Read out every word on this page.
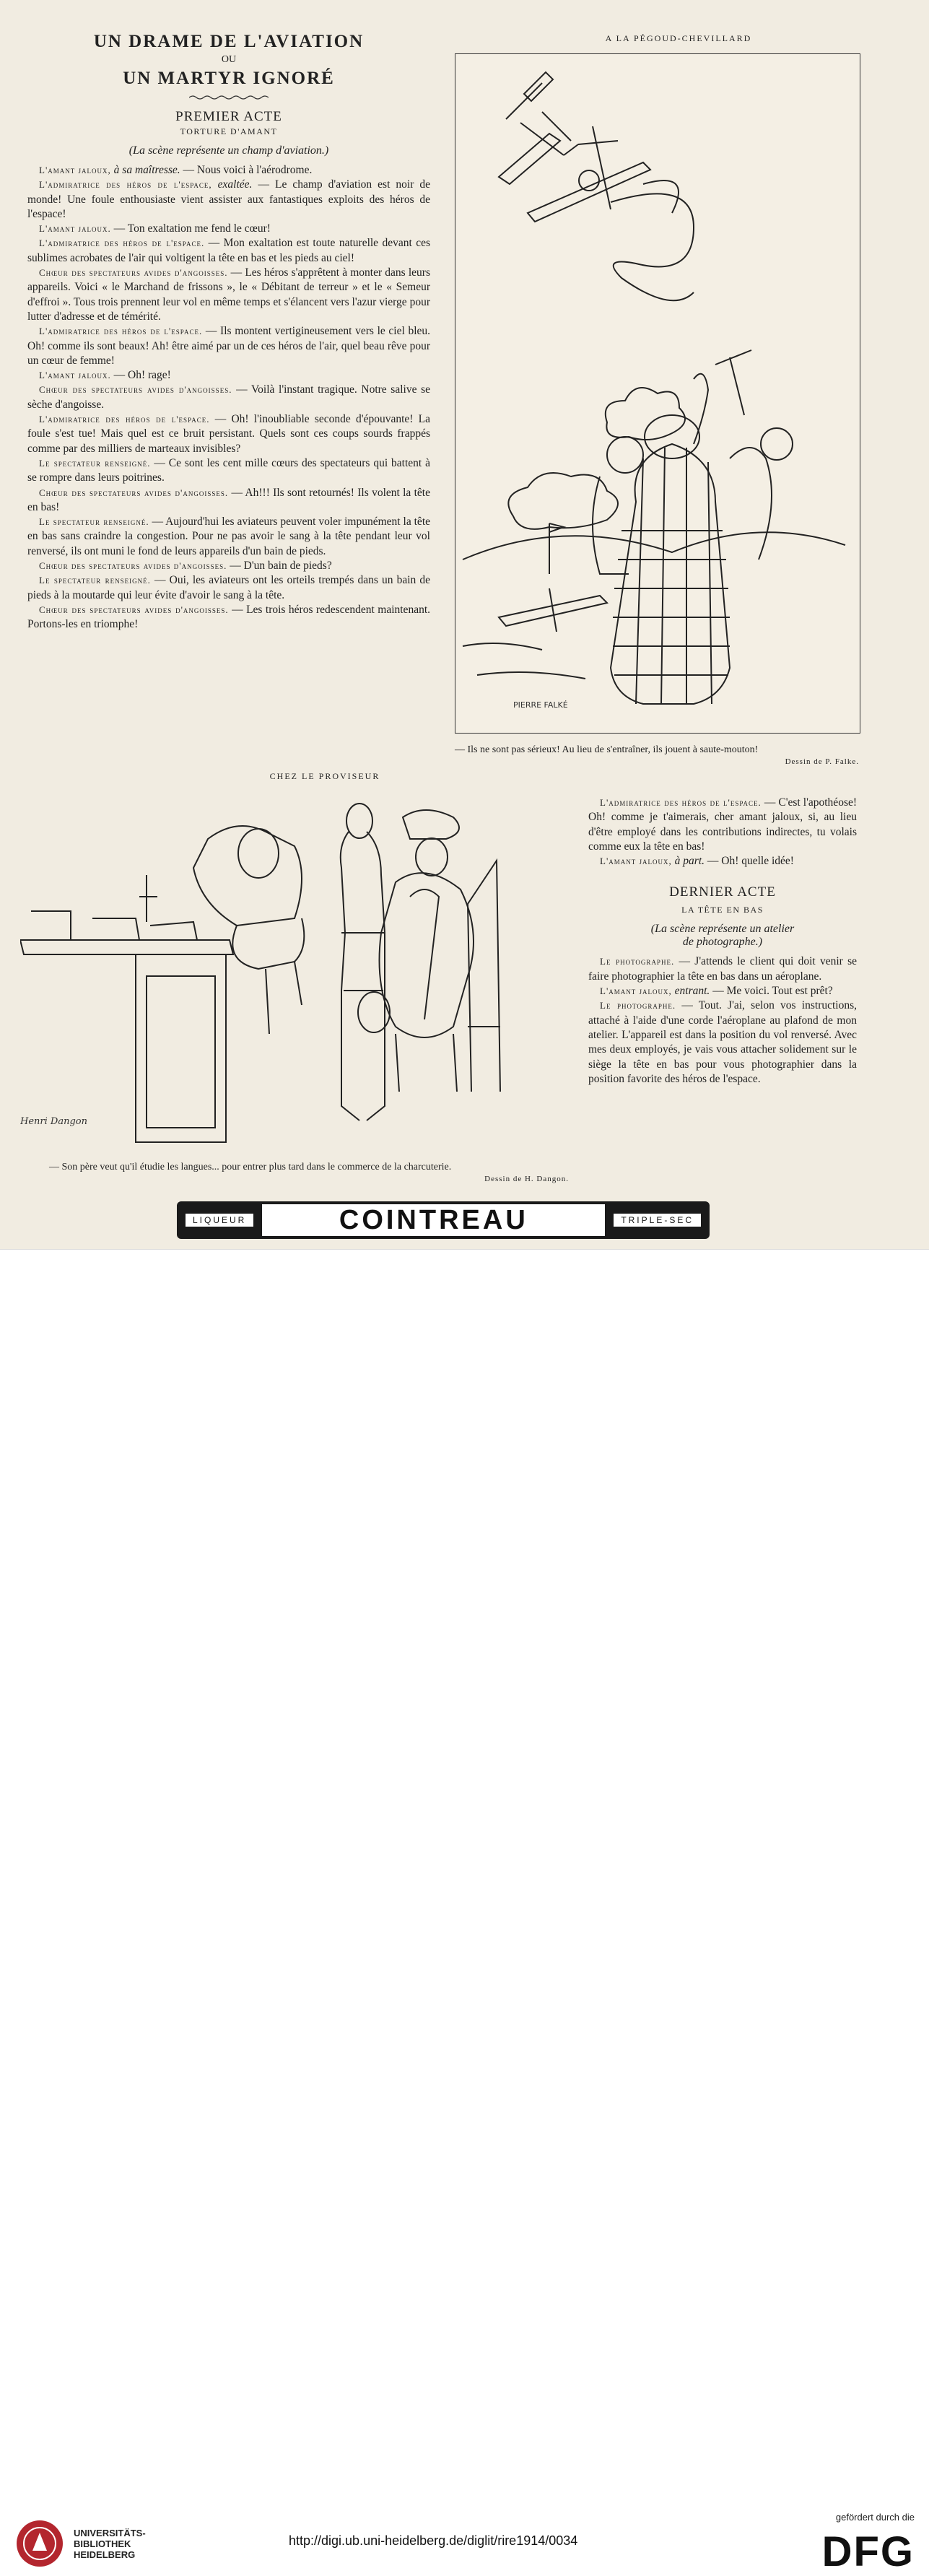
UN DRAME DE L'AVIATION
OU
UN MARTYR IGNORÉ
PREMIER ACTE
TORTURE D'AMANT
(La scène représente un champ d'aviation.)

L'amant jaloux, à sa maîtresse. — Nous voici à l'aérodrome.

L'admiratrice des héros de l'espace, exaltée. — Le champ d'aviation est noir de monde! Une foule enthousiaste vient assister aux fantastiques exploits des héros de l'espace!

L'amant jaloux. — Ton exaltation me fend le cœur!

L'admiratrice des héros de l'espace. — Mon exaltation est toute naturelle devant ces sublimes acrobates de l'air qui voltigent la tête en bas et les pieds au ciel!

Chœur des spectateurs avides d'angoisses. — Les héros s'apprêtent à monter dans leurs appareils. Voici « le Marchand de frissons », le « Débitant de terreur » et le « Semeur d'effroi ». Tous trois prennent leur vol en même temps et s'élancent vers l'azur vierge pour lutter d'adresse et de témérité.

L'admiratrice des héros de l'espace. — Ils montent vertigineusement vers le ciel bleu. Oh! comme ils sont beaux! Ah! être aimé par un de ces héros de l'air, quel beau rêve pour un cœur de femme!

L'amant jaloux. — Oh! rage!

Chœur des spectateurs avides d'angoisses. — Voilà l'instant tragique. Notre salive se sèche d'angoisse.

L'admiratrice des héros de l'espace. — Oh! l'inoubliable seconde d'épouvante! La foule s'est tue! Mais quel est ce bruit persistant. Quels sont ces coups sourds frappés comme par des milliers de marteaux invisibles?

Le spectateur renseigné. — Ce sont les cent mille cœurs des spectateurs qui battent à se rompre dans leurs poitrines.

Chœur des spectateurs avides d'angoisses. — Ah!!! Ils sont retournés! Ils volent la tête en bas!

Le spectateur renseigné. — Aujourd'hui les aviateurs peuvent voler impunément la tête en bas sans craindre la congestion. Pour ne pas avoir le sang à la tête pendant leur vol renversé, ils ont muni le fond de leurs appareils d'un bain de pieds.

Chœur des spectateurs avides d'angoisses. — D'un bain de pieds?

Le spectateur renseigné. — Oui, les aviateurs ont les orteils trempés dans un bain de pieds à la moutarde qui leur évite d'avoir le sang à la tête.

Chœur des spectateurs avides d'angoisses. — Les trois héros redescendent maintenant. Portons-les en triomphe!

A LA PÉGOUD-CHEVILLARD
PIERRE FALKÉ
— Ils ne sont pas sérieux! Au lieu de s'entraîner, ils jouent à saute-mouton!
Dessin de P. Falke.
CHEZ LE PROVISEUR
Henri Dangon
— Son père veut qu'il étudie les langues... pour entrer plus tard dans le commerce de la charcuterie.
Dessin de H. Dangon.

L'admiratrice des héros de l'espace. — C'est l'apothéose! Oh! comme je t'aimerais, cher amant jaloux, si, au lieu d'être employé dans les contributions indirectes, tu volais comme eux la tête en bas!

L'amant jaloux, à part. — Oh! quelle idée!

DERNIER ACTE
LA TÊTE EN BAS
(La scène représente un atelier
de photographe.)

Le photographe. — J'attends le client qui doit venir se faire photographier la tête en bas dans un aéroplane.

L'amant jaloux, entrant. — Me voici. Tout est prêt?

Le photographe. — Tout. J'ai, selon vos instructions, attaché à l'aide d'une corde l'aéroplane au plafond de mon atelier. L'appareil est dans la position du vol renversé. Avec mes deux employés, je vais vous attacher solidement sur le siège la tête en bas pour vous photographier dans la position favorite des héros de l'espace.

LIQUEUR	COINTREAU	TRIPLE-SEC
UNIVERSITÄTS-
BIBLIOTHEK
HEIDELBERG
http://digi.ub.uni-heidelberg.de/diglit/rire1914/0034
gefördert durch die
DFG
